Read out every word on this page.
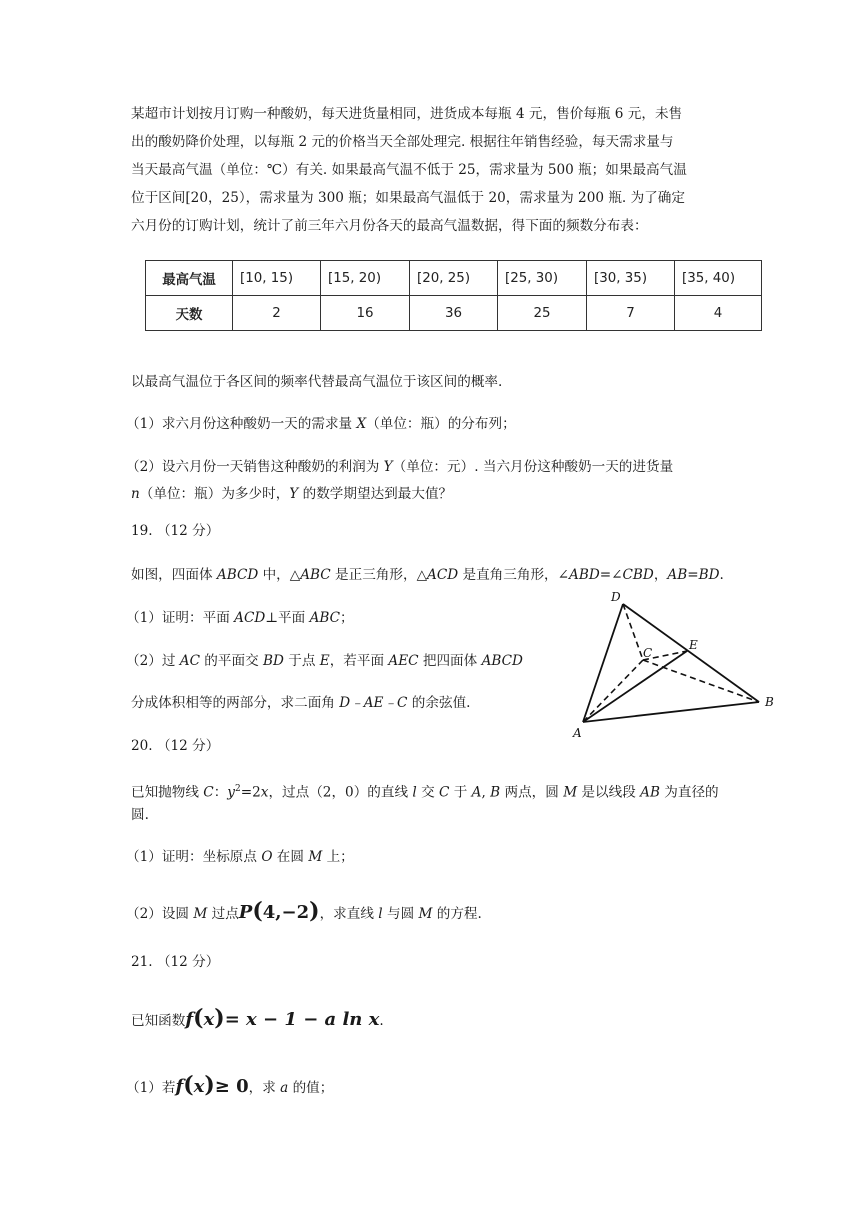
某超市计划按月订购一种酸奶，每天进货量相同，进货成本每瓶 4 元，售价每瓶 6 元，未售
出的酸奶降价处理，以每瓶 2 元的价格当天全部处理完. 根据往年销售经验，每天需求量与
当天最高气温（单位：℃）有关. 如果最高气温不低于 25，需求量为 500 瓶；如果最高气温
位于区间[20，25），需求量为 300 瓶；如果最高气温低于 20，需求量为 200 瓶. 为了确定
六月份的订购计划，统计了前三年六月份各天的最高气温数据，得下面的频数分布表：
最高气温	[10, 15)	[15, 20)	[20, 25)	[25, 30)	[30, 35)	[35, 40)
天数	2	16	36	25	7	4
以最高气温位于各区间的频率代替最高气温位于该区间的概率.
（1）求六月份这种酸奶一天的需求量 X（单位：瓶）的分布列；
（2）设六月份一天销售这种酸奶的利润为 Y（单位：元）. 当六月份这种酸奶一天的进货量
n（单位：瓶）为多少时，Y 的数学期望达到最大值？
19. （12 分）
如图，四面体 ABCD 中，△ABC 是正三角形，△ACD 是直角三角形，∠ABD=∠CBD，AB=BD.
（1）证明：平面 ACD⊥平面 ABC；
（2）过 AC 的平面交 BD 于点 E，若平面 AEC 把四面体 ABCD
分成体积相等的两部分，求二面角 D﹣AE﹣C 的余弦值.
D
E
C
B
A
20. （12 分）
已知抛物线 C：$y^2=2x$，过点（2，0）的直线 l 交 C 于 A, B 两点，圆 M 是以线段 AB 为直径的
圆.
（1）证明：坐标原点 O 在圆 M 上；
（2）设圆 M 过点P(4,−2)，求直线 l 与圆 M 的方程.
21. （12 分）
已知函数f(x)= x − 1 − a ln x.
（1）若f(x)≥ 0，求 a 的值；
